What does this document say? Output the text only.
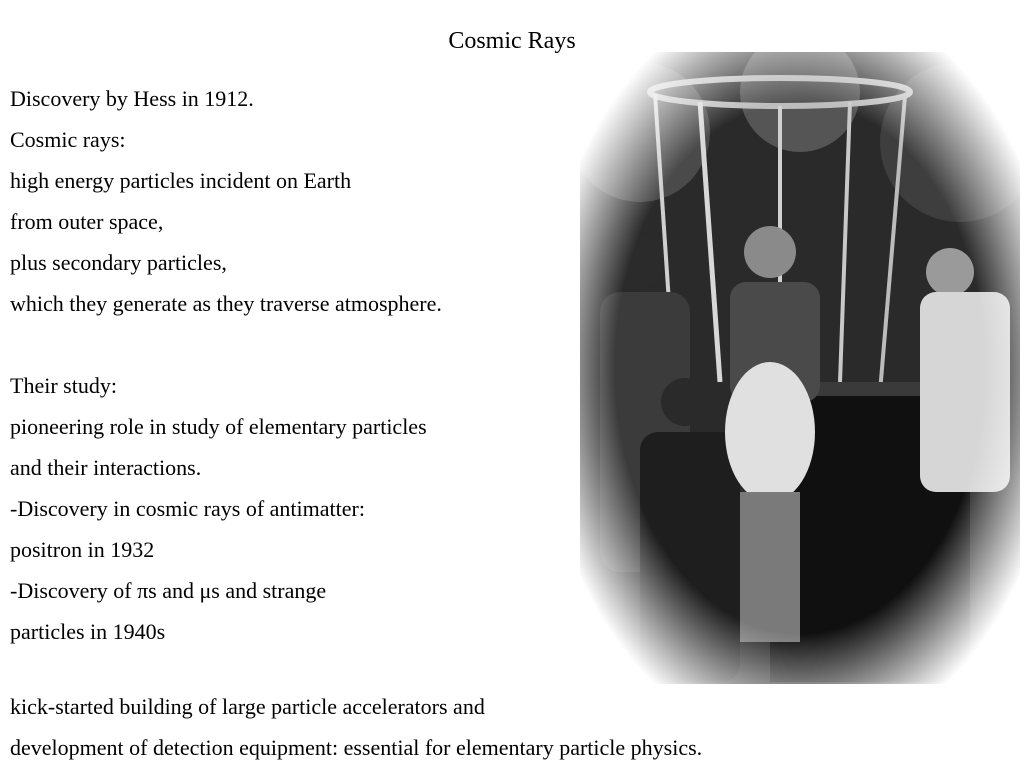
Cosmic Rays
Discovery by Hess in 1912.
Cosmic rays:
high energy particles incident on Earth
from outer space,
plus secondary particles,
which they generate as they traverse atmosphere.
Their study:
pioneering role in study of elementary particles
and their interactions.
-Discovery in cosmic rays of antimatter:
positron in 1932
-Discovery of πs and μs and strange
particles in 1940s
kick-started building of large particle accelerators and
development of detection equipment: essential for elementary particle physics.
